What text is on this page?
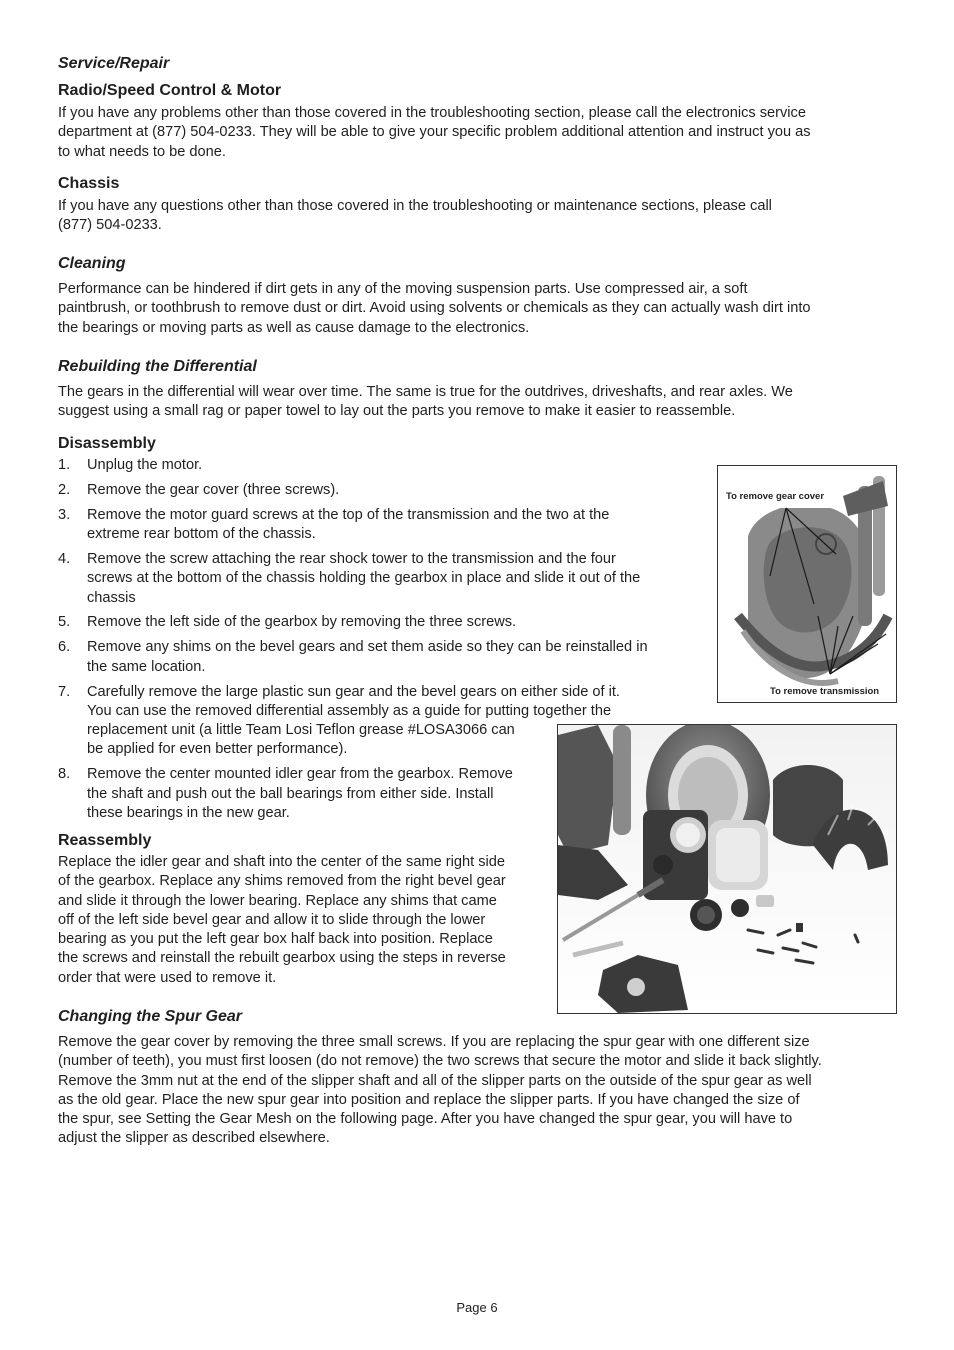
Service/Repair
Radio/Speed Control & Motor
If you have any problems other than those covered in the troubleshooting section, please call the electronics service
department at (877) 504-0233. They will be able to give your specific problem additional attention and instruct you as
to what needs to be done.
Chassis
If you have any questions other than those covered in the troubleshooting or maintenance sections, please call
(877) 504-0233.
Cleaning
Performance can be hindered if dirt gets in any of the moving suspension parts. Use compressed air, a soft
paintbrush, or toothbrush to remove dust or dirt. Avoid using solvents or chemicals as they can actually wash dirt into
the bearings or moving parts as well as cause damage to the electronics.
Rebuilding the Differential
The gears in the differential will wear over time. The same is true for the outdrives, driveshafts, and rear axles. We
suggest using a small rag or paper towel to lay out the parts you remove to make it easier to reassemble.
Disassembly
1. Unplug the motor.
2. Remove the gear cover (three screws).
3. Remove the motor guard screws at the top of the transmission and the two at the
extreme rear bottom of the chassis.
4. Remove the screw attaching the rear shock tower to the transmission and the four
screws at the bottom of the chassis holding the gearbox in place and slide it out of the
chassis
5. Remove the left side of the gearbox by removing the three screws.
6. Remove any shims on the bevel gears and set them aside so they can be reinstalled in
the same location.
7. Carefully remove the large plastic sun gear and the bevel gears on either side of it.
You can use the removed differential assembly as a guide for putting together the
replacement unit (a little Team Losi Teflon grease #LOSA3066 can
be applied for even better performance).
8. Remove the center mounted idler gear from the gearbox. Remove
the shaft and push out the ball bearings from either side. Install
these bearings in the new gear.
Reassembly
Replace the idler gear and shaft into the center of the same right side
of the gearbox. Replace any shims removed from the right bevel gear
and slide it through the lower bearing. Replace any shims that came
off of the left side bevel gear and allow it to slide through the lower
bearing as you put the left gear box half back into position. Replace
the screws and reinstall the rebuilt gearbox using the steps in reverse
order that were used to remove it.
Changing the Spur Gear
Remove the gear cover by removing the three small screws. If you are replacing the spur gear with one different size
(number of teeth), you must first loosen (do not remove) the two screws that secure the motor and slide it back slightly.
Remove the 3mm nut at the end of the slipper shaft and all of the slipper parts on the outside of the spur gear as well
as the old gear. Place the new spur gear into position and replace the slipper parts. If you have changed the size of
the spur, see Setting the Gear Mesh on the following page. After you have changed the spur gear, you will have to
adjust the slipper as described elsewhere.
To remove gear cover
To remove transmission
Page 6
